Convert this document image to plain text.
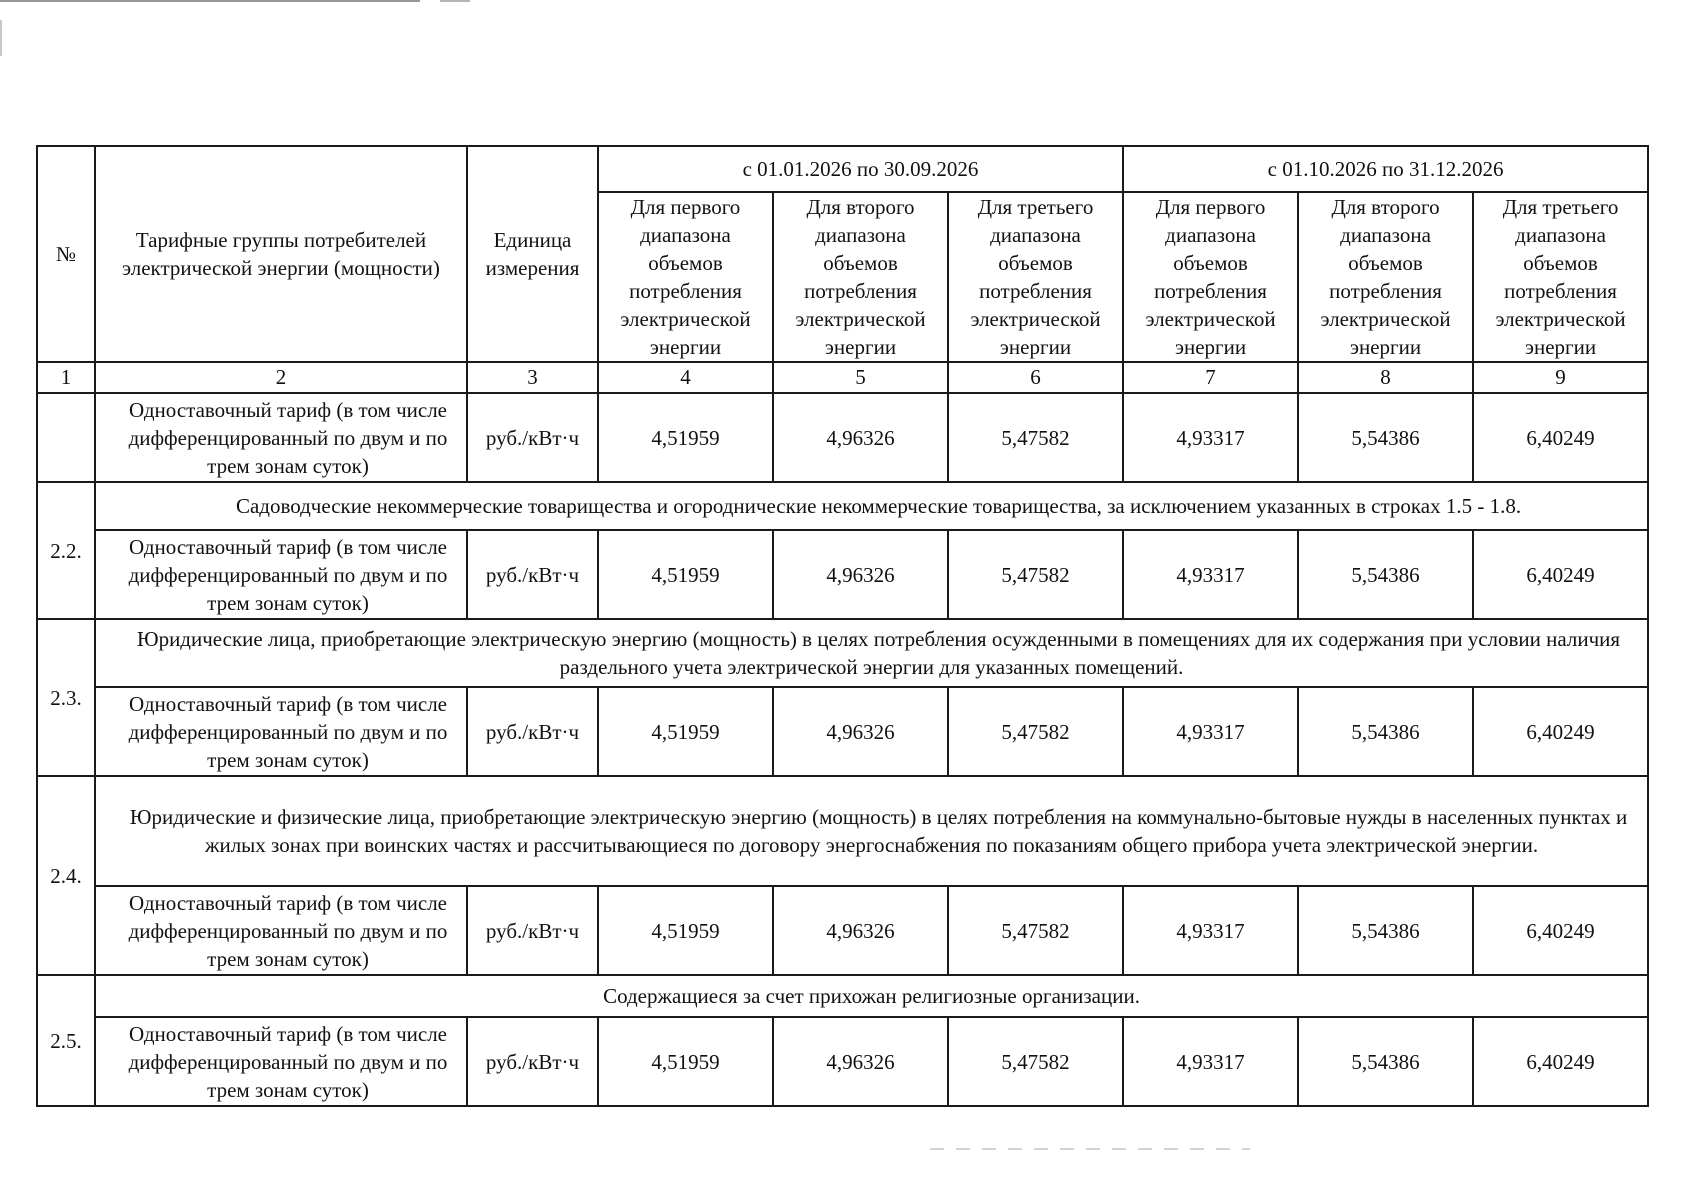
№	Тарифные группы потребителей электрической энергии (мощности)	Единица измерения	с 01.01.2026 по 30.09.2026			с 01.10.2026 по 31.12.2026		
			Для первого диапазона объемов потребления электрической энергии	Для второго диапазона объемов потребления электрической энергии	Для третьего диапазона объемов потребления электрической энергии	Для первого диапазона объемов потребления электрической энергии	Для второго диапазона объемов потребления электрической энергии	Для третьего диапазона объемов потребления электрической энергии
1	2	3	4	5	6	7	8	9

	Одноставочный тариф (в том числе дифференцированный по двум и по трем зонам суток)	руб./кВт·ч	4,51959	4,96326	5,47582	4,93317	5,54386	6,40249
2.2.	Садоводческие некоммерческие товарищества и огороднические некоммерческие товарищества, за исключением указанных в строках 1.5 - 1.8.							

	Одноставочный тариф (в том числе дифференцированный по двум и по трем зонам суток)	руб./кВт·ч	4,51959	4,96326	5,47582	4,93317	5,54386	6,40249
2.3.	Юридические лица, приобретающие электрическую энергию (мощность) в целях потребления осужденными в помещениях для их содержания при условии наличия раздельного учета электрической энергии для указанных помещений.							

	Одноставочный тариф (в том числе дифференцированный по двум и по трем зонам суток)	руб./кВт·ч	4,51959	4,96326	5,47582	4,93317	5,54386	6,40249
2.4.	Юридические и физические лица, приобретающие электрическую энергию (мощность) в целях потребления на коммунально-бытовые нужды в населенных пунктах и жилых зонах при воинских частях и рассчитывающиеся по договору энергоснабжения по показаниям общего прибора учета электрической энергии.							

	Одноставочный тариф (в том числе дифференцированный по двум и по трем зонам суток)	руб./кВт·ч	4,51959	4,96326	5,47582	4,93317	5,54386	6,40249
2.5.	Содержащиеся за счет прихожан религиозные организации.							

	Одноставочный тариф (в том числе дифференцированный по двум и по трем зонам суток)	руб./кВт·ч	4,51959	4,96326	5,47582	4,93317	5,54386	6,40249
